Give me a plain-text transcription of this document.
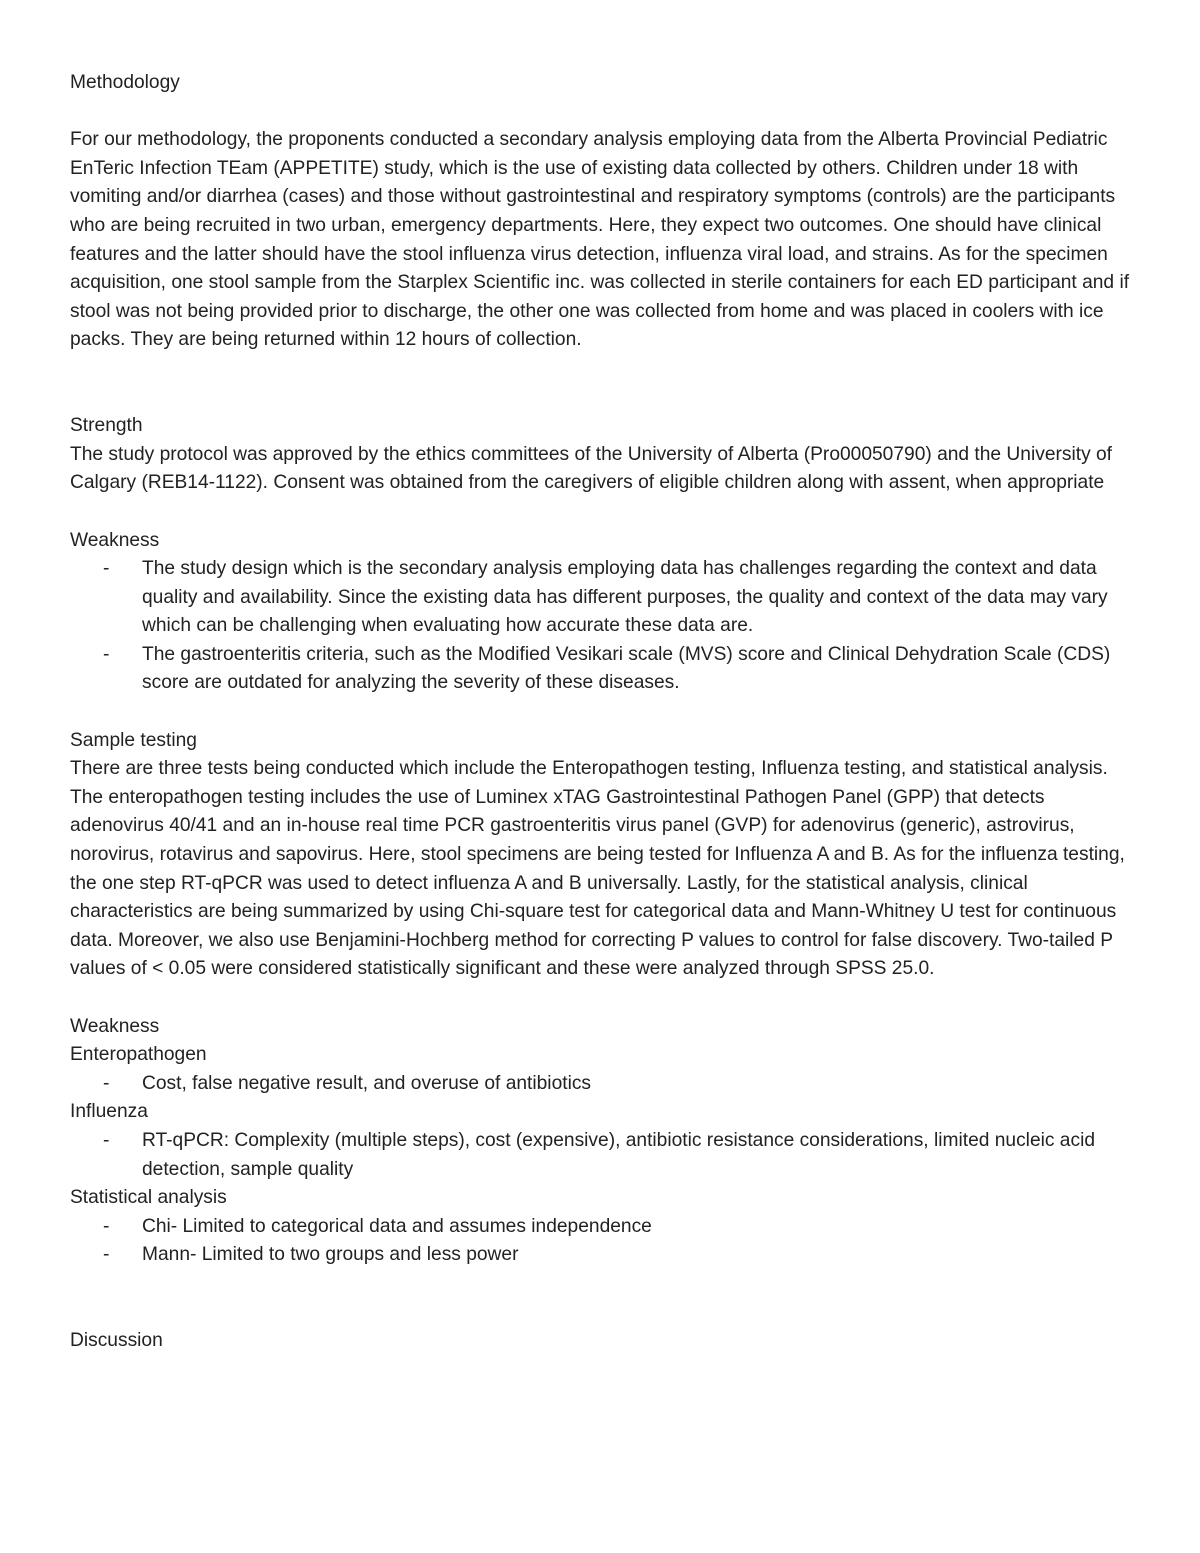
Methodology

For our methodology, the proponents conducted a secondary analysis employing data from the Alberta Provincial Pediatric EnTeric Infection TEam (APPETITE) study, which is the use of existing data collected by others. Children under 18 with vomiting and/or diarrhea (cases) and those without gastrointestinal and respiratory symptoms (controls) are the participants who are being recruited in two urban, emergency departments. Here, they expect two outcomes. One should have clinical features and the latter should have the stool influenza virus detection, influenza viral load, and strains. As for the specimen acquisition, one stool sample from the Starplex Scientific inc. was collected in sterile containers for each ED participant and if stool was not being provided prior to discharge, the other one was collected from home and was placed in coolers with ice packs. They are being returned within 12 hours of collection.

Strength

The study protocol was approved by the ethics committees of the University of Alberta (Pro00050790) and the University of Calgary (REB14-1122). Consent was obtained from the caregivers of eligible children along with assent, when appropriate

Weakness
- The study design which is the secondary analysis employing data has challenges regarding the context and data quality and availability. Since the existing data has different purposes, the quality and context of the data may vary which can be challenging when evaluating how accurate these data are.
- The gastroenteritis criteria, such as the Modified Vesikari scale (MVS) score and Clinical Dehydration Scale (CDS) score are outdated for analyzing the severity of these diseases.
Sample testing

There are three tests being conducted which include the Enteropathogen testing, Influenza testing, and statistical analysis. The enteropathogen testing includes the use of Luminex xTAG Gastrointestinal Pathogen Panel (GPP) that detects adenovirus 40/41 and an in-house real time PCR gastroenteritis virus panel (GVP) for adenovirus (generic), astrovirus, norovirus, rotavirus and sapovirus. Here, stool specimens are being tested for Influenza A and B. As for the influenza testing, the one step RT-qPCR was used to detect influenza A and B universally. Lastly, for the statistical analysis, clinical characteristics are being summarized by using Chi-square test for categorical data and Mann-Whitney U test for continuous data. Moreover, we also use Benjamini-Hochberg method for correcting P values to control for false discovery. Two-tailed P values of < 0.05 were considered statistically significant and these were analyzed through SPSS 25.0.

Weakness
Enteropathogen
- Cost, false negative result, and overuse of antibiotics
Influenza
- RT-qPCR: Complexity (multiple steps), cost (expensive), antibiotic resistance considerations, limited nucleic acid detection, sample quality
Statistical analysis
- Chi- Limited to categorical data and assumes independence
- Mann- Limited to two groups and less power
Discussion
